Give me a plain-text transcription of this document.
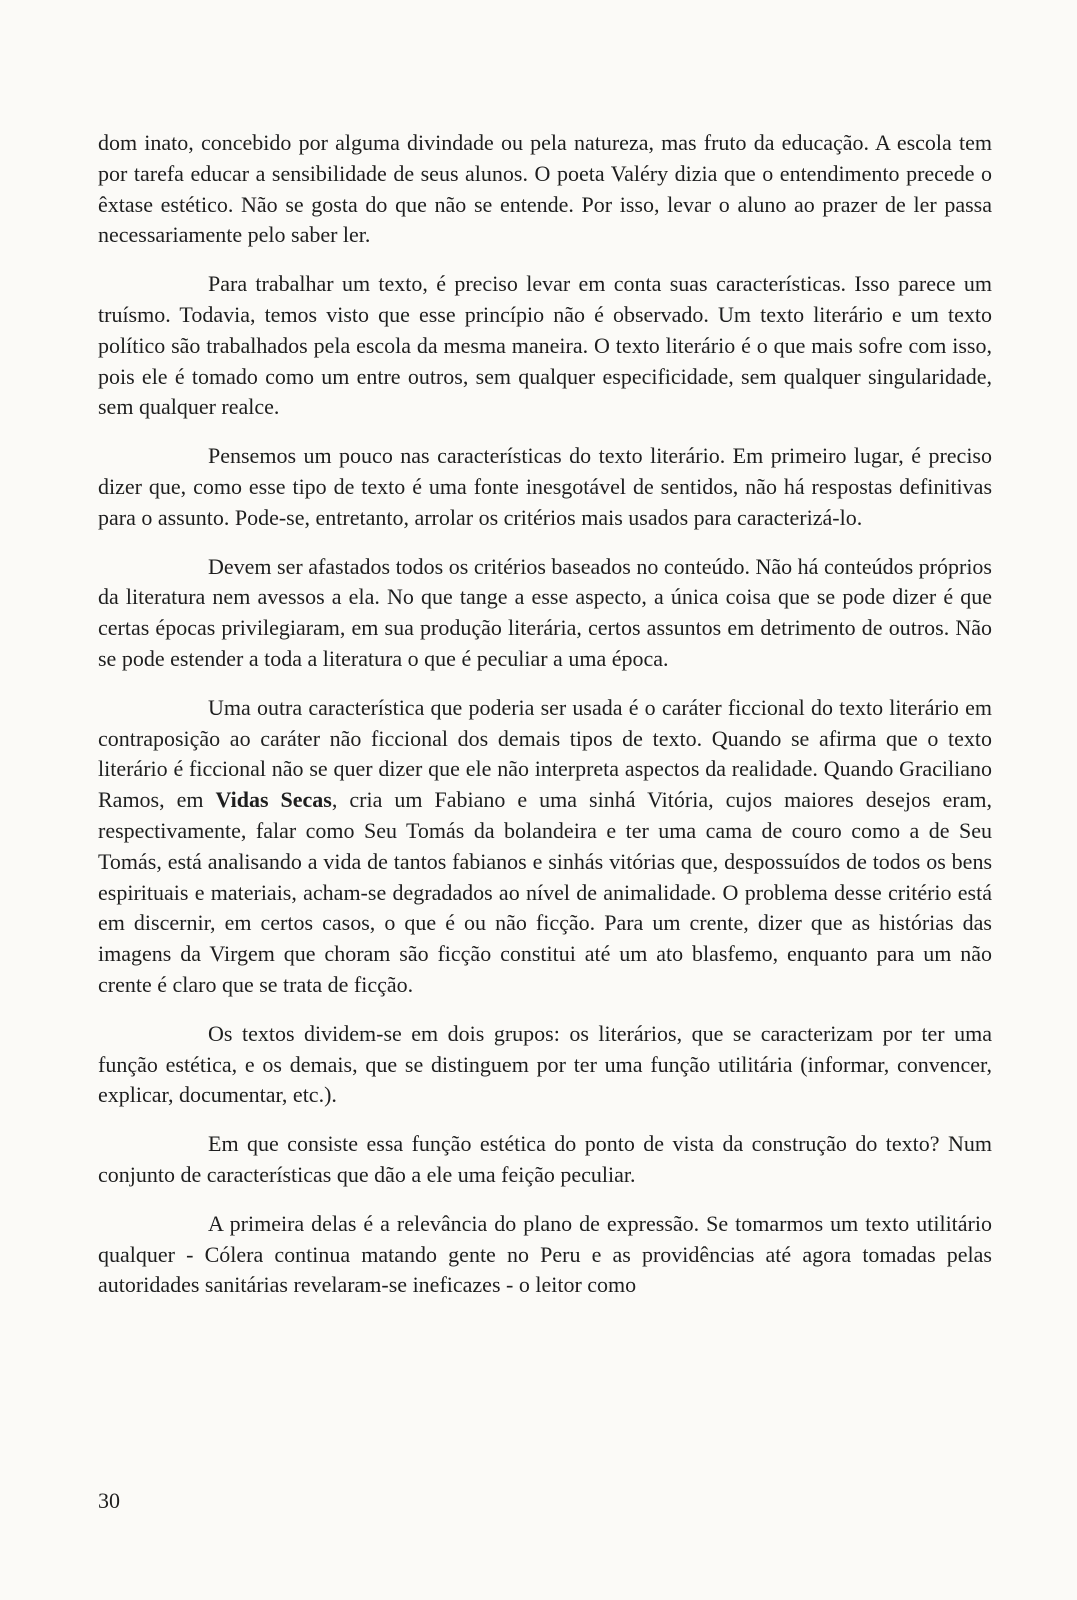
dom inato, concebido por alguma divindade ou pela natureza, mas fruto da educação. A escola tem por tarefa educar a sensibilidade de seus alunos. O poeta Valéry dizia que o entendimento precede o êxtase estético. Não se gosta do que não se entende. Por isso, levar o aluno ao prazer de ler passa necessariamente pelo saber ler.

Para trabalhar um texto, é preciso levar em conta suas características. Isso parece um truísmo. Todavia, temos visto que esse princípio não é observado. Um texto literário e um texto político são trabalhados pela escola da mesma maneira. O texto literário é o que mais sofre com isso, pois ele é tomado como um entre outros, sem qualquer especificidade, sem qualquer singularidade, sem qualquer realce.

Pensemos um pouco nas características do texto literário. Em primeiro lugar, é preciso dizer que, como esse tipo de texto é uma fonte inesgotável de sentidos, não há respostas definitivas para o assunto. Pode-se, entretanto, arrolar os critérios mais usados para caracterizá-lo.

Devem ser afastados todos os critérios baseados no conteúdo. Não há conteúdos próprios da literatura nem avessos a ela. No que tange a esse aspecto, a única coisa que se pode dizer é que certas épocas privilegiaram, em sua produção literária, certos assuntos em detrimento de outros. Não se pode estender a toda a literatura o que é peculiar a uma época.

Uma outra característica que poderia ser usada é o caráter ficcional do texto literário em contraposição ao caráter não ficcional dos demais tipos de texto. Quando se afirma que o texto literário é ficcional não se quer dizer que ele não interpreta aspectos da realidade. Quando Graciliano Ramos, em Vidas Secas, cria um Fabiano e uma sinhá Vitória, cujos maiores desejos eram, respectivamente, falar como Seu Tomás da bolandeira e ter uma cama de couro como a de Seu Tomás, está analisando a vida de tantos fabianos e sinhás vitórias que, despossuídos de todos os bens espirituais e materiais, acham-se degradados ao nível de animalidade. O problema desse critério está em discernir, em certos casos, o que é ou não ficção. Para um crente, dizer que as histórias das imagens da Virgem que choram são ficção constitui até um ato blasfemo, enquanto para um não crente é claro que se trata de ficção.

Os textos dividem-se em dois grupos: os literários, que se caracterizam por ter uma função estética, e os demais, que se distinguem por ter uma função utilitária (informar, convencer, explicar, documentar, etc.).

Em que consiste essa função estética do ponto de vista da construção do texto? Num conjunto de características que dão a ele uma feição peculiar.

A primeira delas é a relevância do plano de expressão. Se tomarmos um texto utilitário qualquer - Cólera continua matando gente no Peru e as providências até agora tomadas pelas autoridades sanitárias revelaram-se ineficazes - o leitor como

30
